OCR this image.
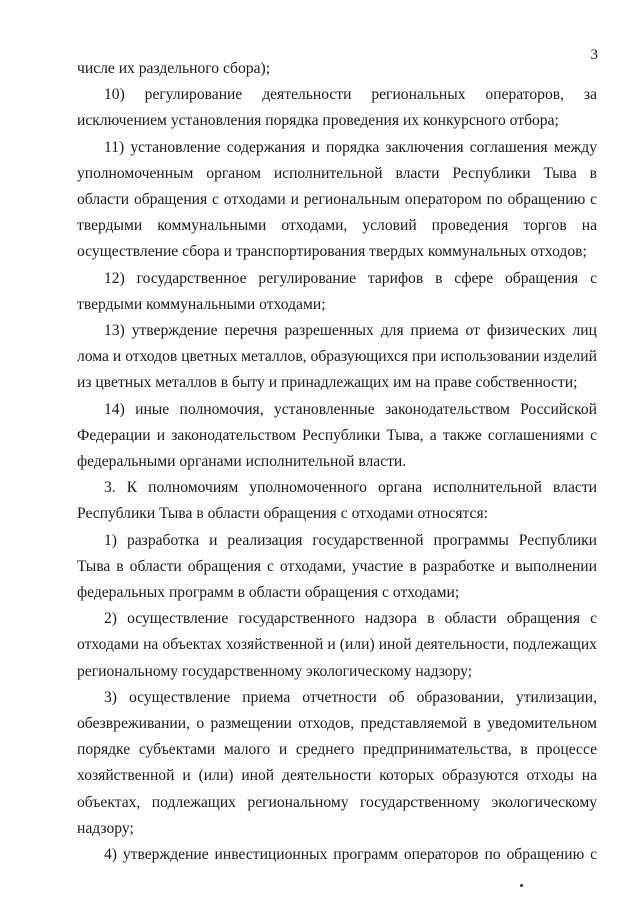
3

числе их раздельного сбора);

10) регулирование деятельности региональных операторов, за исключением установления порядка проведения их конкурсного отбора;

11) установление содержания и порядка заключения соглашения между уполномоченным органом исполнительной власти Республики Тыва в области обращения с отходами и региональным оператором по обращению с твердыми коммунальными отходами, условий проведения торгов на осуществление сбора и транспортирования твердых коммунальных отходов;

12) государственное регулирование тарифов в сфере обращения с твердыми коммунальными отходами;

13) утверждение перечня разрешенных для приема от физических лиц лома и отходов цветных металлов, образующихся при использовании изделий из цветных металлов в быту и принадлежащих им на праве собственности;

14) иные полномочия, установленные законодательством Российской Федерации и законодательством Республики Тыва, а также соглашениями с федеральными органами исполнительной власти.

3. К полномочиям уполномоченного органа исполнительной власти Республики Тыва в области обращения с отходами относятся:

1) разработка и реализация государственной программы Республики Тыва в области обращения с отходами, участие в разработке и выполнении федеральных программ в области обращения с отходами;

2) осуществление государственного надзора в области обращения с отходами на объектах хозяйственной и (или) иной деятельности, подлежащих региональному государственному экологическому надзору;

3) осуществление приема отчетности об образовании, утилизации, обезвреживании, о размещении отходов, представляемой в уведомительном порядке субъектами малого и среднего предпринимательства, в процессе хозяйственной и (или) иной деятельности которых образуются отходы на объектах, подлежащих региональному государственному экологическому надзору;

4) утверждение инвестиционных программ операторов по обращению с
